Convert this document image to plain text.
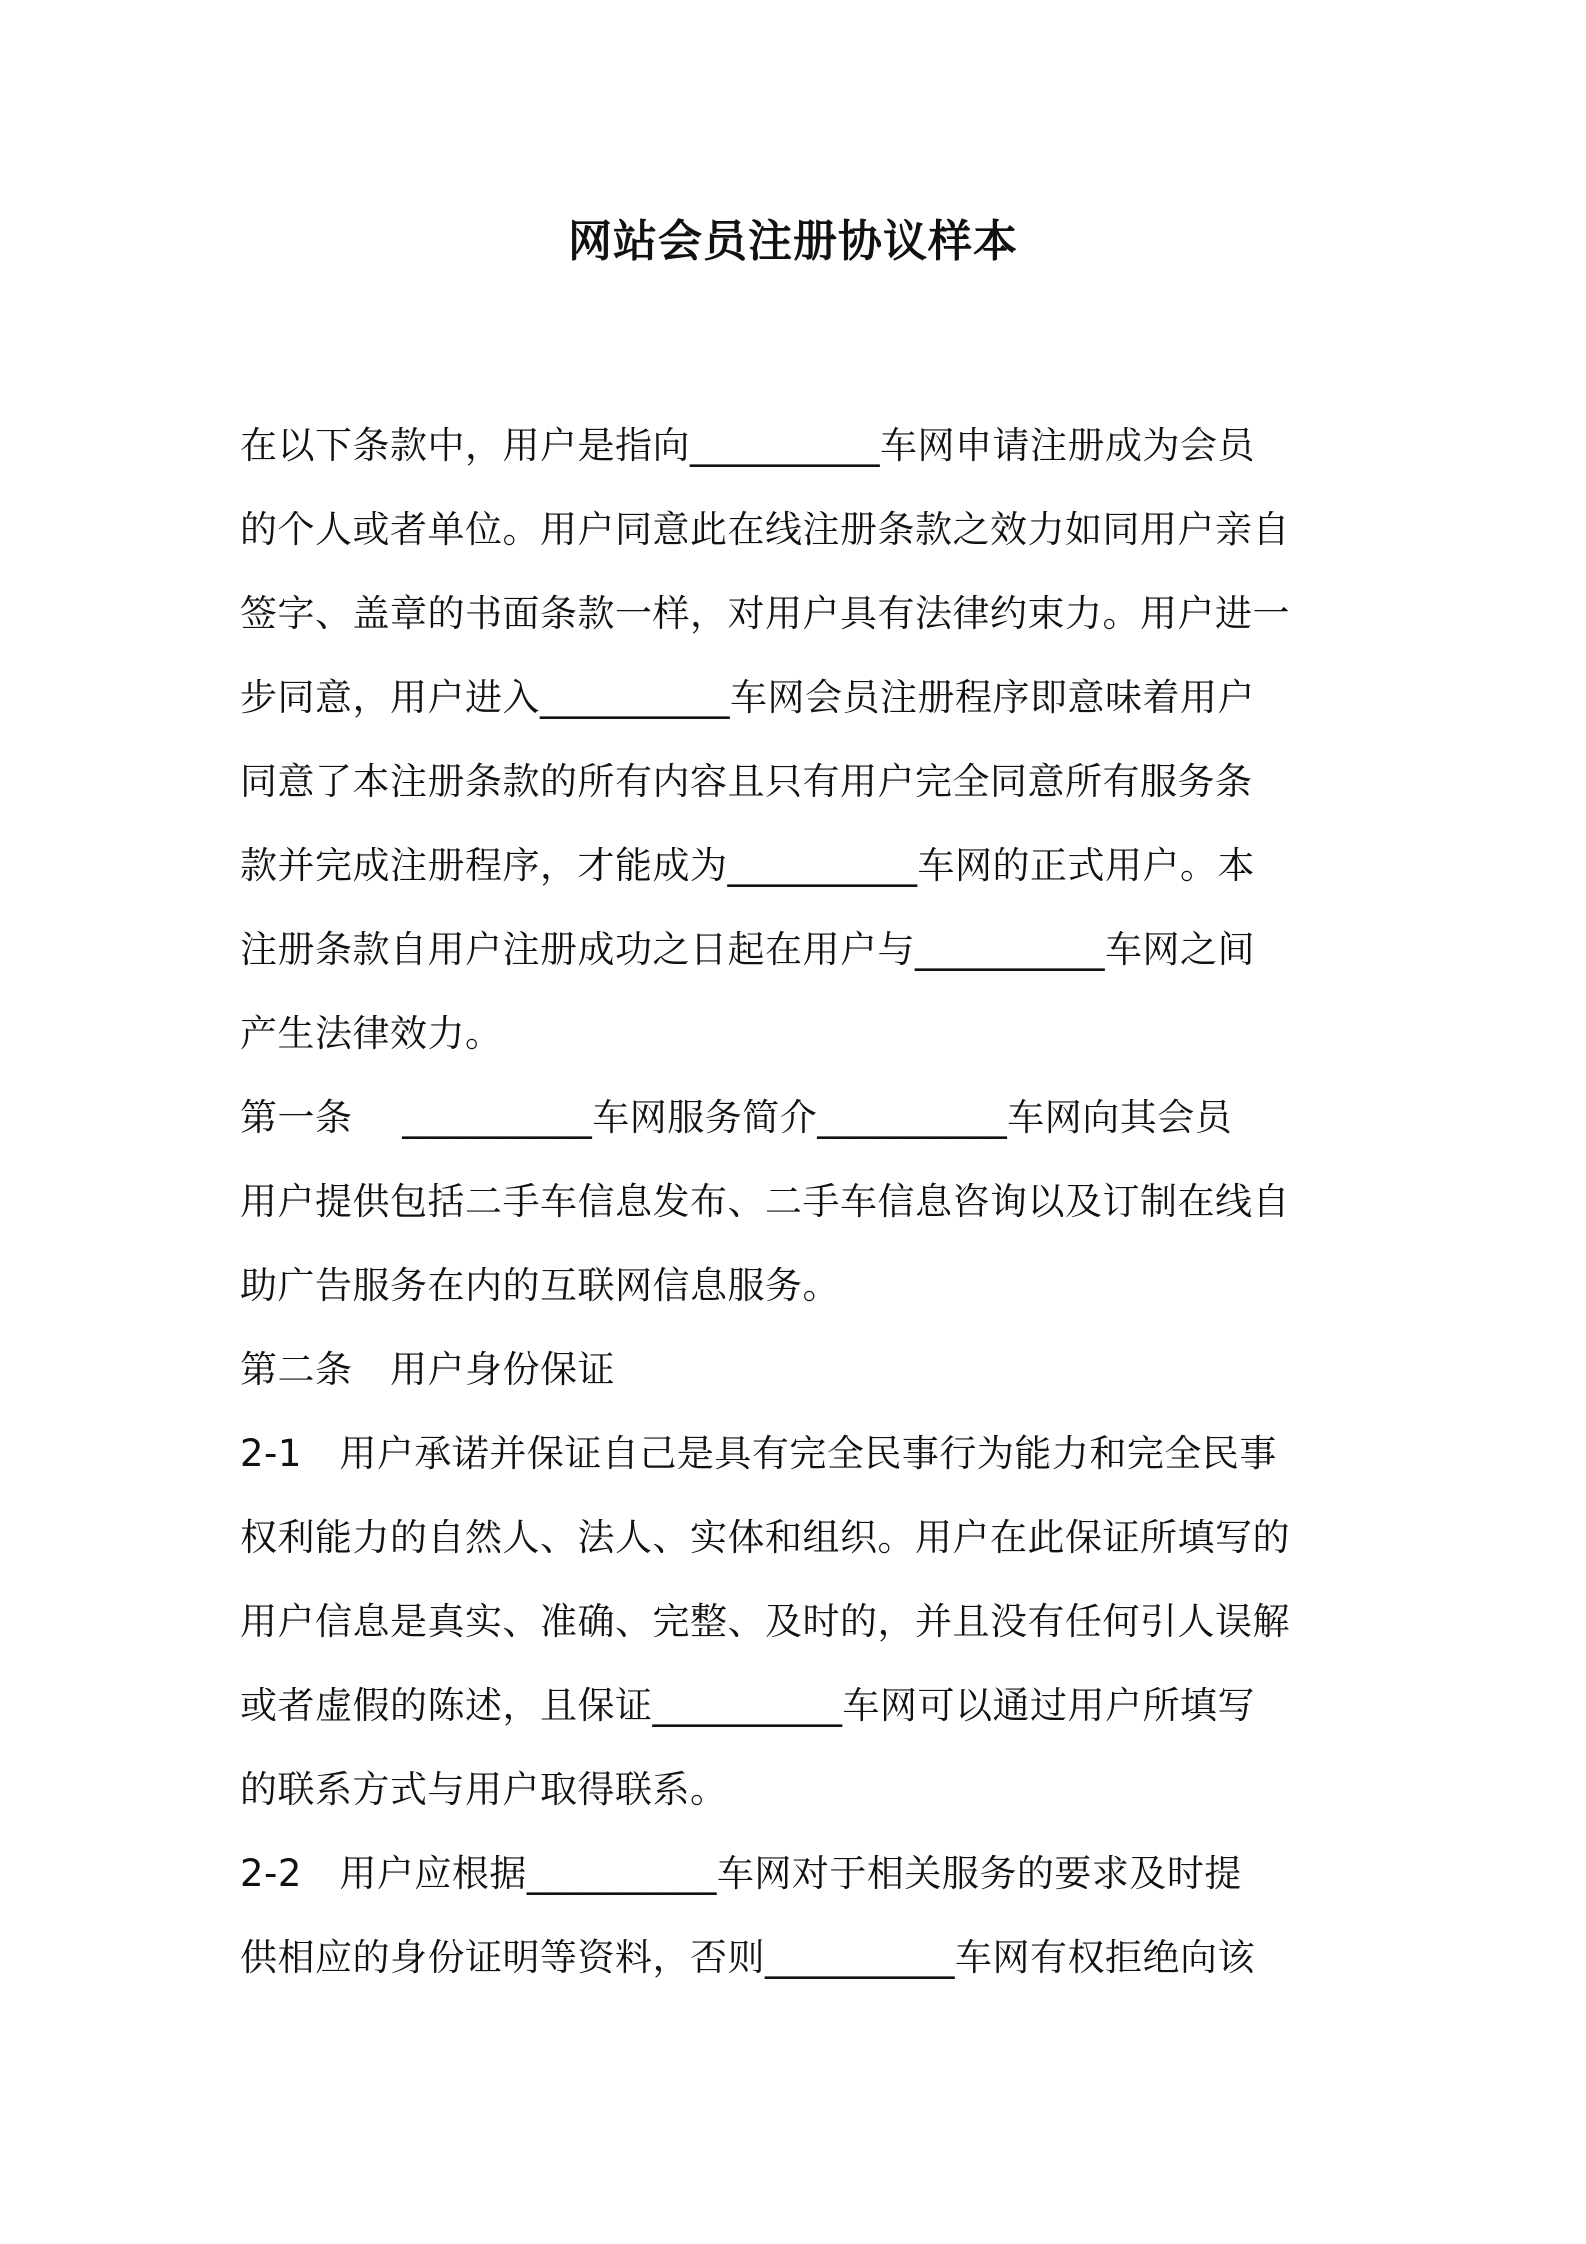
网站会员注册协议样本
在以下条款中，用户是指向__________车网申请注册成为会员
的个人或者单位。用户同意此在线注册条款之效力如同用户亲自
签字、盖章的书面条款一样，对用户具有法律约束力。用户进一
步同意，用户进入__________车网会员注册程序即意味着用户
同意了本注册条款的所有内容且只有用户完全同意所有服务条
款并完成注册程序，才能成为__________车网的正式用户。本
注册条款自用户注册成功之日起在用户与__________车网之间
产生法律效力。
第一条　 __________车网服务简介__________车网向其会员
用户提供包括二手车信息发布、二手车信息咨询以及订制在线自
助广告服务在内的互联网信息服务。
第二条　用户身份保证
2-1　用户承诺并保证自己是具有完全民事行为能力和完全民事
权利能力的自然人、法人、实体和组织。用户在此保证所填写的
用户信息是真实、准确、完整、及时的，并且没有任何引人误解
或者虚假的陈述，且保证__________车网可以通过用户所填写
的联系方式与用户取得联系。
2-2　用户应根据__________车网对于相关服务的要求及时提
供相应的身份证明等资料，否则__________车网有权拒绝向该
